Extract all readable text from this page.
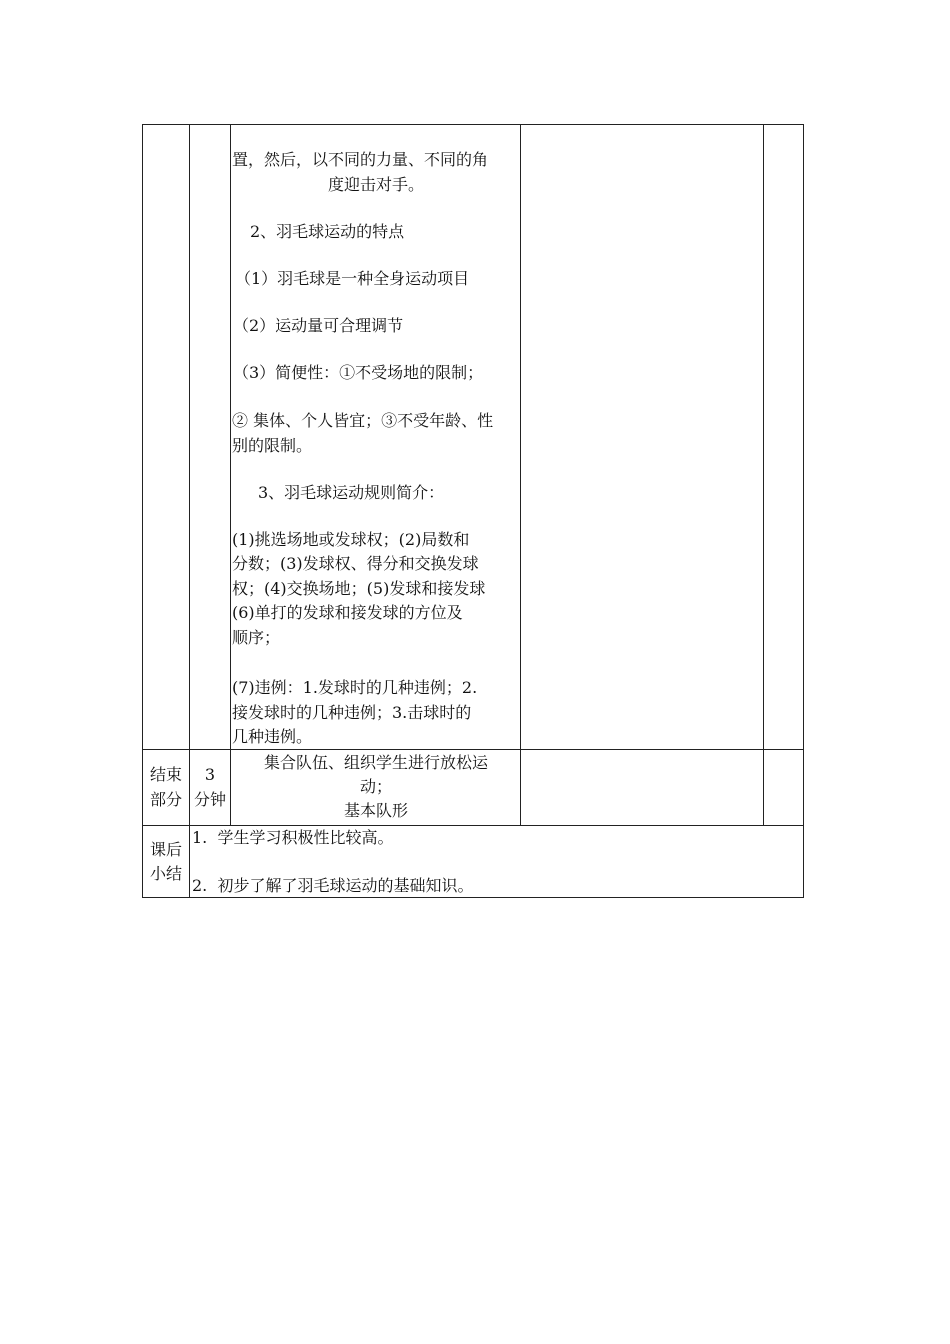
置，然后，以不同的力量、不同的角
度迎击对手。
2、羽毛球运动的特点
（1）羽毛球是一种全身运动项目
（2）运动量可合理调节
（3）简便性：①不受场地的限制；
② 集体、个人皆宜；③不受年龄、性
别的限制。
3、羽毛球运动规则简介：
(1)挑选场地或发球权；(2)局数和
分数；(3)发球权、得分和交换发球
权；(4)交换场地；(5)发球和接发球
(6)单打的发球和接发球的方位及
顺序；
(7)违例：1.发球时的几种违例；2.
接发球时的几种违例；3.击球时的
几种违例。
结束
部分
3
分钟
集合队伍、组织学生进行放松运
动；
基本队形
课后
小结
1.  学生学习积极性比较高。
2.  初步了解了羽毛球运动的基础知识。
